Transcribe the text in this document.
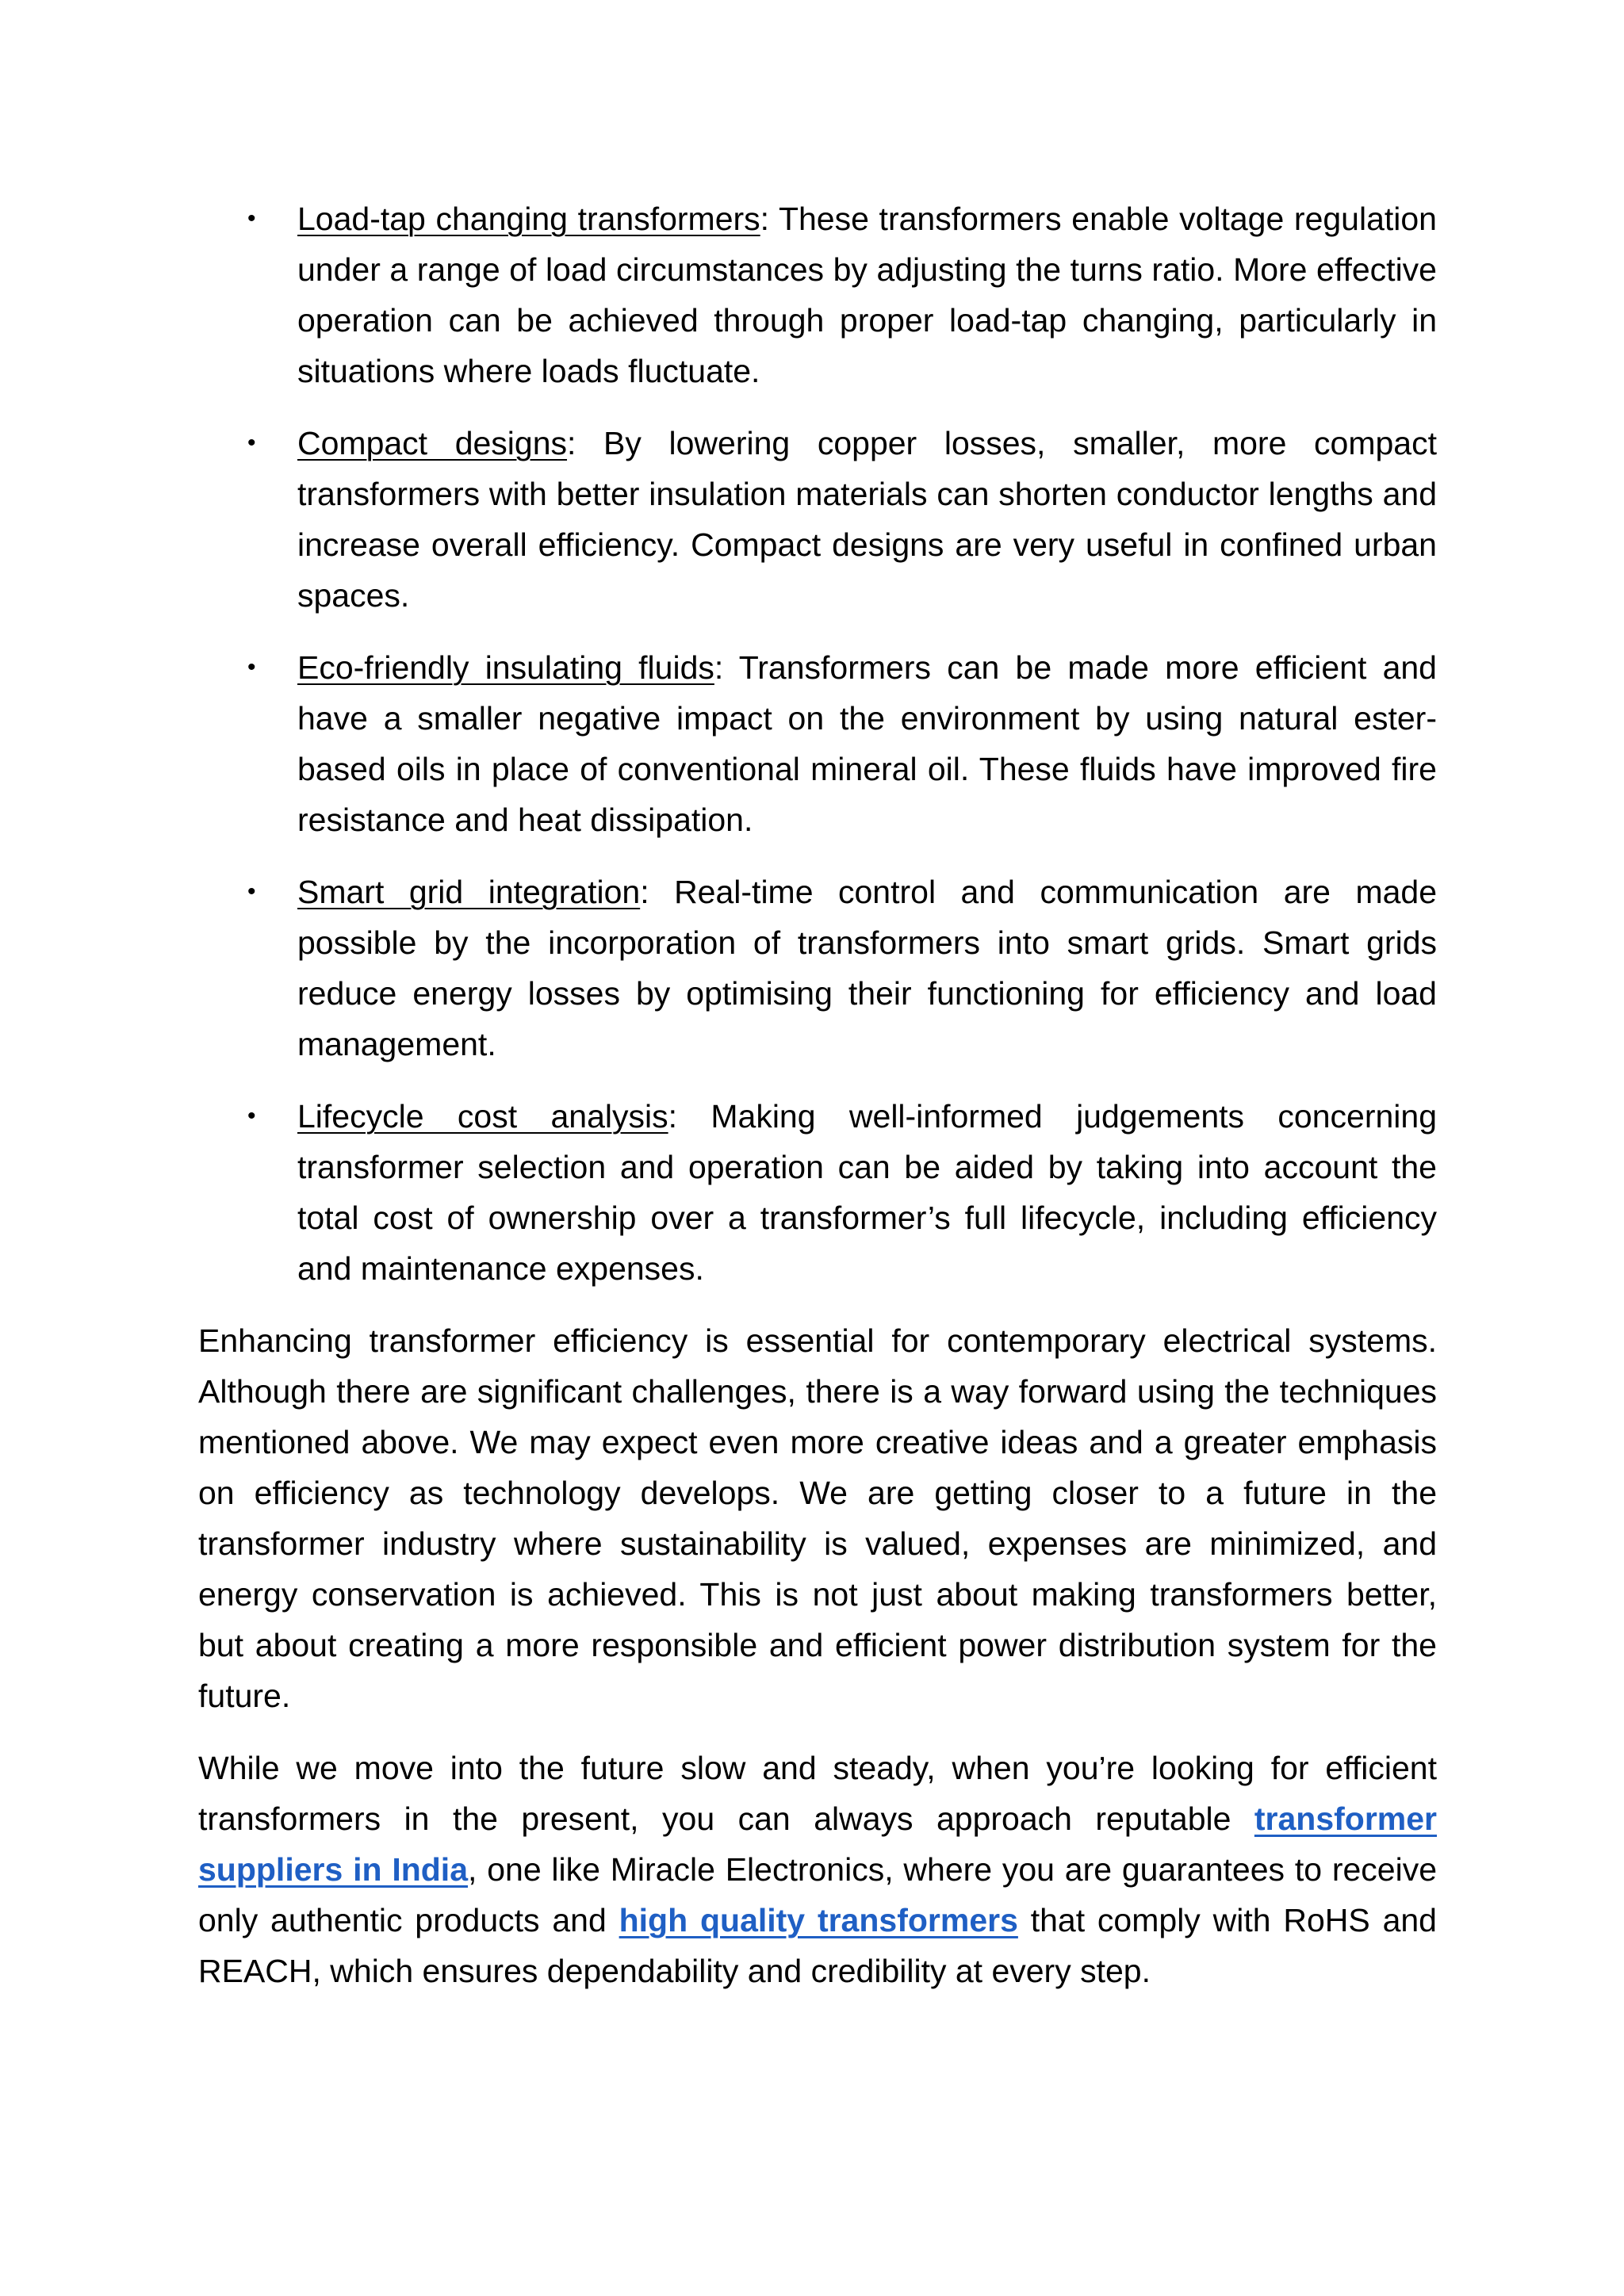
• Load-tap changing transformers: These transformers enable voltage regulation under a range of load circumstances by adjusting the turns ratio. More effective operation can be achieved through proper load-tap changing, particularly in situations where loads fluctuate.
• Compact designs: By lowering copper losses, smaller, more compact transformers with better insulation materials can shorten conductor lengths and increase overall efficiency. Compact designs are very useful in confined urban spaces.
• Eco-friendly insulating fluids: Transformers can be made more efficient and have a smaller negative impact on the environment by using natural ester-based oils in place of conventional mineral oil. These fluids have improved fire resistance and heat dissipation.
• Smart grid integration: Real-time control and communication are made possible by the incorporation of transformers into smart grids. Smart grids reduce energy losses by optimising their functioning for efficiency and load management.
• Lifecycle cost analysis: Making well-informed judgements concerning transformer selection and operation can be aided by taking into account the total cost of ownership over a transformer’s full lifecycle, including efficiency and maintenance expenses.

Enhancing transformer efficiency is essential for contemporary electrical systems. Although there are significant challenges, there is a way forward using the techniques mentioned above. We may expect even more creative ideas and a greater emphasis on efficiency as technology develops. We are getting closer to a future in the transformer industry where sustainability is valued, expenses are minimized, and energy conservation is achieved. This is not just about making transformers better, but about creating a more responsible and efficient power distribution system for the future.

While we move into the future slow and steady, when you’re looking for efficient transformers in the present, you can always approach reputable transformer suppliers in India, one like Miracle Electronics, where you are guarantees to receive only authentic products and high quality transformers that comply with RoHS and REACH, which ensures dependability and credibility at every step.
